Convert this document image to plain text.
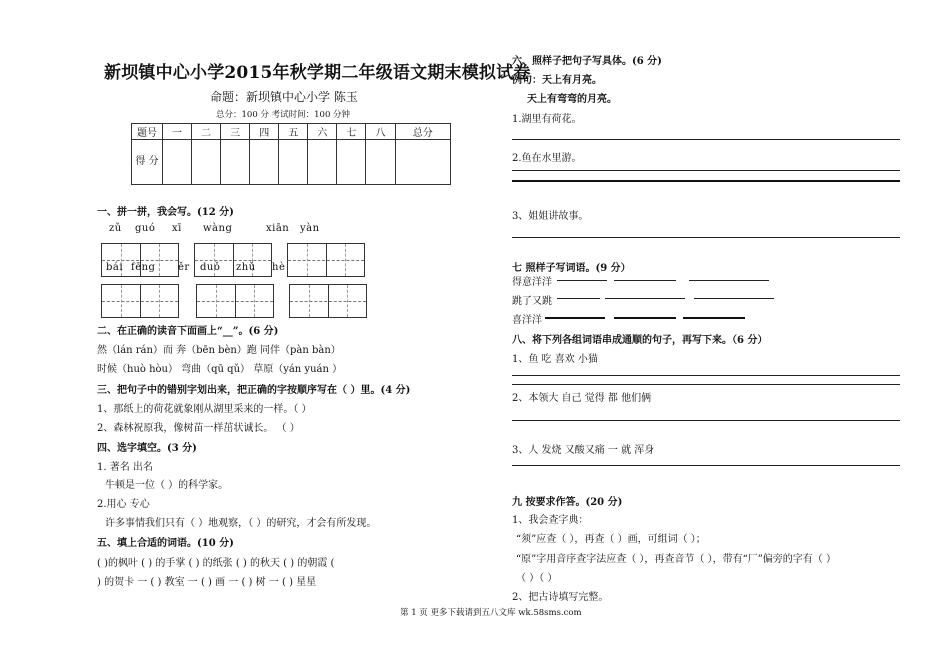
新坝镇中心小学2015年秋学期二年级语文期末模拟试卷
命题：新坝镇中心小学 陈玉
总分：100 分 考试时间：100 分钟
题号	一	二	三	四	五	六	七	八	总分
得 分									
一、拼一拼，我会写。(12 分)
zǔ guó xī wàng	xiān yàn
bái fēng ěr duǒ zhǔ hè
二、在正确的读音下面画上“__”。(6 分)
然（lán rán）而 奔（bēn bèn）跑 同伴（pàn bàn）
时候（huò hòu） 弯曲（qū qǔ） 草原（yán yuán ）
三、把句子中的错别字划出来，把正确的字按顺序写在（ ）里。(4 分)
1、那纸上的荷花就象刚从湖里采来的一样。（ ）
2、森林祝原我，像树苗一样茁状诚长。 （ ）
四、选字填空。(3 分)
1. 著名 出名
牛顿是一位（ ）的科学家。
2.用心 专心
许多事情我们只有（ ）地观察，（ ）的研究，才会有所发现。
五、填上合适的词语。(10 分)
( )的枫叶 ( ) 的手掌 ( ) 的纸张 ( ) 的秋天 ( ) 的朝霞 (
) 的贺卡 一 ( ) 教室 一 ( ) 画 一 ( ) 树 一 ( ) 星星
六、照样子把句子写具体。(6 分)
例句：天上有月亮。
天上有弯弯的月亮。
1.湖里有荷花。
2.鱼在水里游。
3、姐姐讲故事。
七 照样子写词语。(9 分）
得意洋洋
跳了又跳
喜洋洋
八、将下列各组词语串成通顺的句子，再写下来。（6 分）
1、鱼 吃 喜欢 小猫
2、本领大 自己 觉得 都 他们俩
3、人 发烧 又酸又痛 一 就 浑身
九 按要求作答。(20 分)
1、我会查字典：
“须”应查（ ），再查（ ）画，可组词（ ）；
“原”字用音序查字法应查（ ），再查音节（ ），带有“厂”偏旁的字有（ ）
（ ）（ ）
2、把古诗填写完整。
第 1 页 更多下载请到五八文库 wk.58sms.com
